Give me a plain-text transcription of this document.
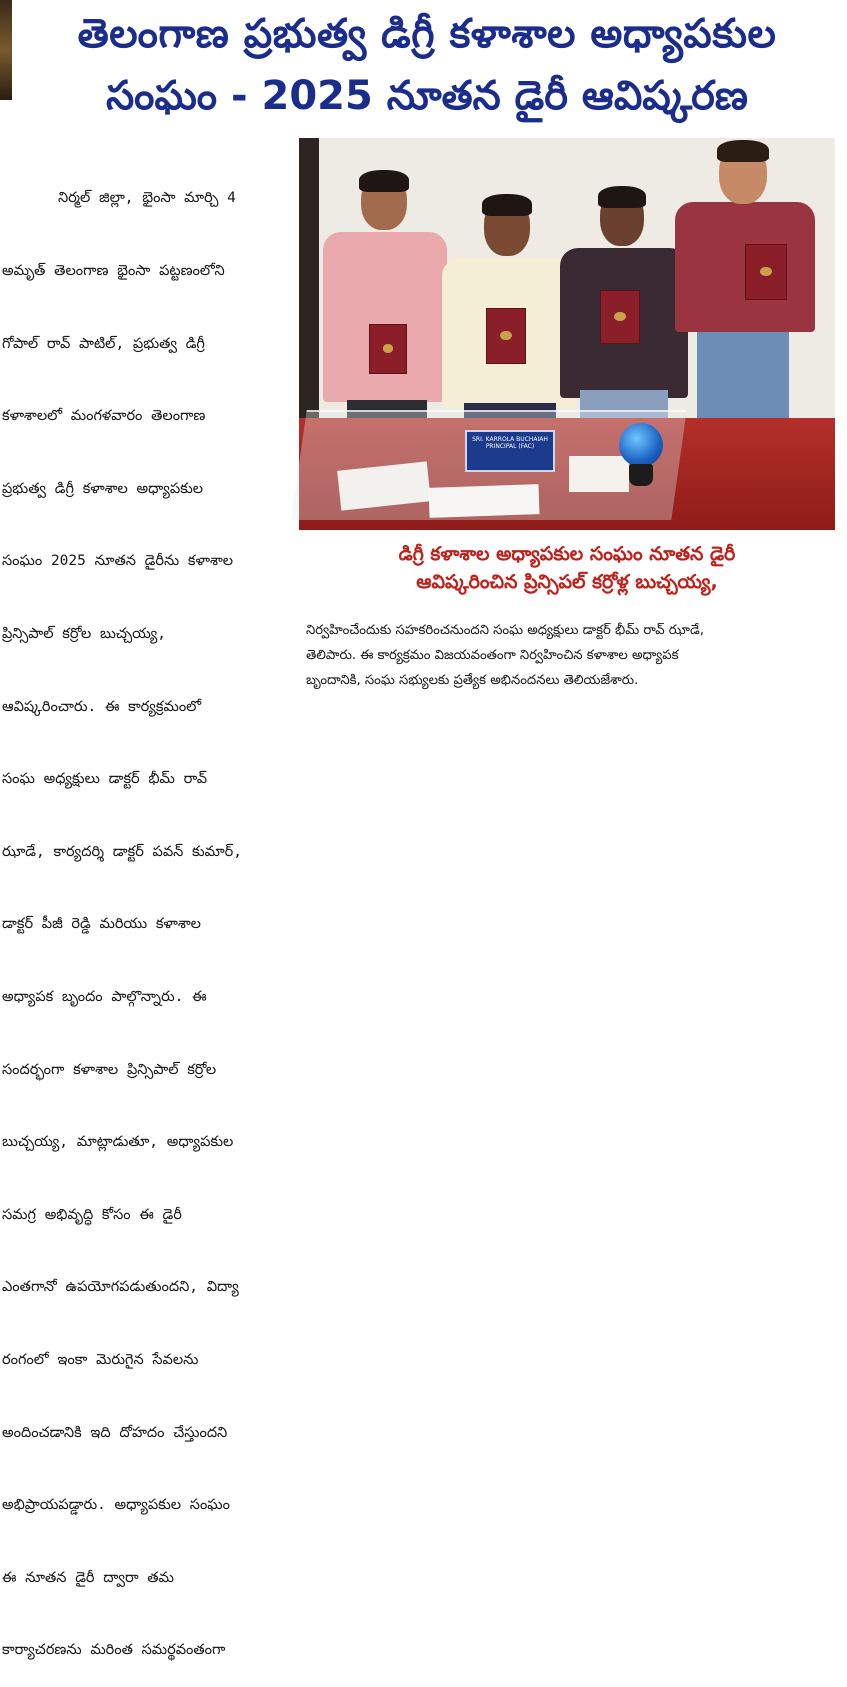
తెలంగాణ ప్రభుత్వ డిగ్రీ కళాశాల అధ్యాపకుల
సంఘం - 2025 నూతన డైరీ ఆవిష్కరణ

నిర్మల్ జిల్లా, భైంసా మార్చి 4

అమృత్ తెలంగాణ భైంసా పట్టణంలోని

గోపాల్ రావ్ పాటిల్, ప్రభుత్వ డిగ్రీ

కళాశాలలో మంగళవారం తెలంగాణ

ప్రభుత్వ డిగ్రీ కళాశాల అధ్యాపకుల

సంఘం 2025 నూతన డైరీను కళాశాల

ప్రిన్సిపాల్ కర్రోల బుచ్చయ్య,

ఆవిష్కరించారు. ఈ కార్యక్రమంలో

సంఘ అధ్యక్షులు డాక్టర్ భీమ్ రావ్

ఝాడే, కార్యదర్శి డాక్టర్ పవన్ కుమార్,

డాక్టర్ పీజీ రెడ్డి మరియు కళాశాల

అధ్యాపక బృందం పాల్గొన్నారు. ఈ

సందర్భంగా కళాశాల ప్రిన్సిపాల్ కర్రోల

బుచ్చయ్య, మాట్లాడుతూ, అధ్యాపకుల

సమగ్ర అభివృద్ధి కోసం ఈ డైరీ

ఎంతగానో ఉపయోగపడుతుందని, విద్యా

రంగంలో ఇంకా మెరుగైన సేవలను

అందించడానికి ఇది దోహదం చేస్తుందని

అభిప్రాయపడ్డారు. అధ్యాపకుల సంఘం

ఈ నూతన డైరీ ద్వారా తమ

కార్యాచరణను మరింత సమర్థవంతంగా

SRI. KARROLA BUCHAIAH PRINCIPAL (FAC)
డిగ్రీ కళాశాల అధ్యాపకుల సంఘం నూతన డైరీ
ఆవిష్కరించిన ప్రిన్సిపల్ కర్రోళ్ల బుచ్చయ్య,
నిర్వహించేందుకు సహకరించనుందని సంఘ అధ్యక్షులు డాక్టర్ భీమ్ రావ్ ఝాడే,
తెలిపారు. ఈ కార్యక్రమం విజయవంతంగా నిర్వహించిన కళాశాల అధ్యాపక
బృందానికి, సంఘ సభ్యులకు ప్రత్యేక అభినందనలు తెలియజేశారు.
